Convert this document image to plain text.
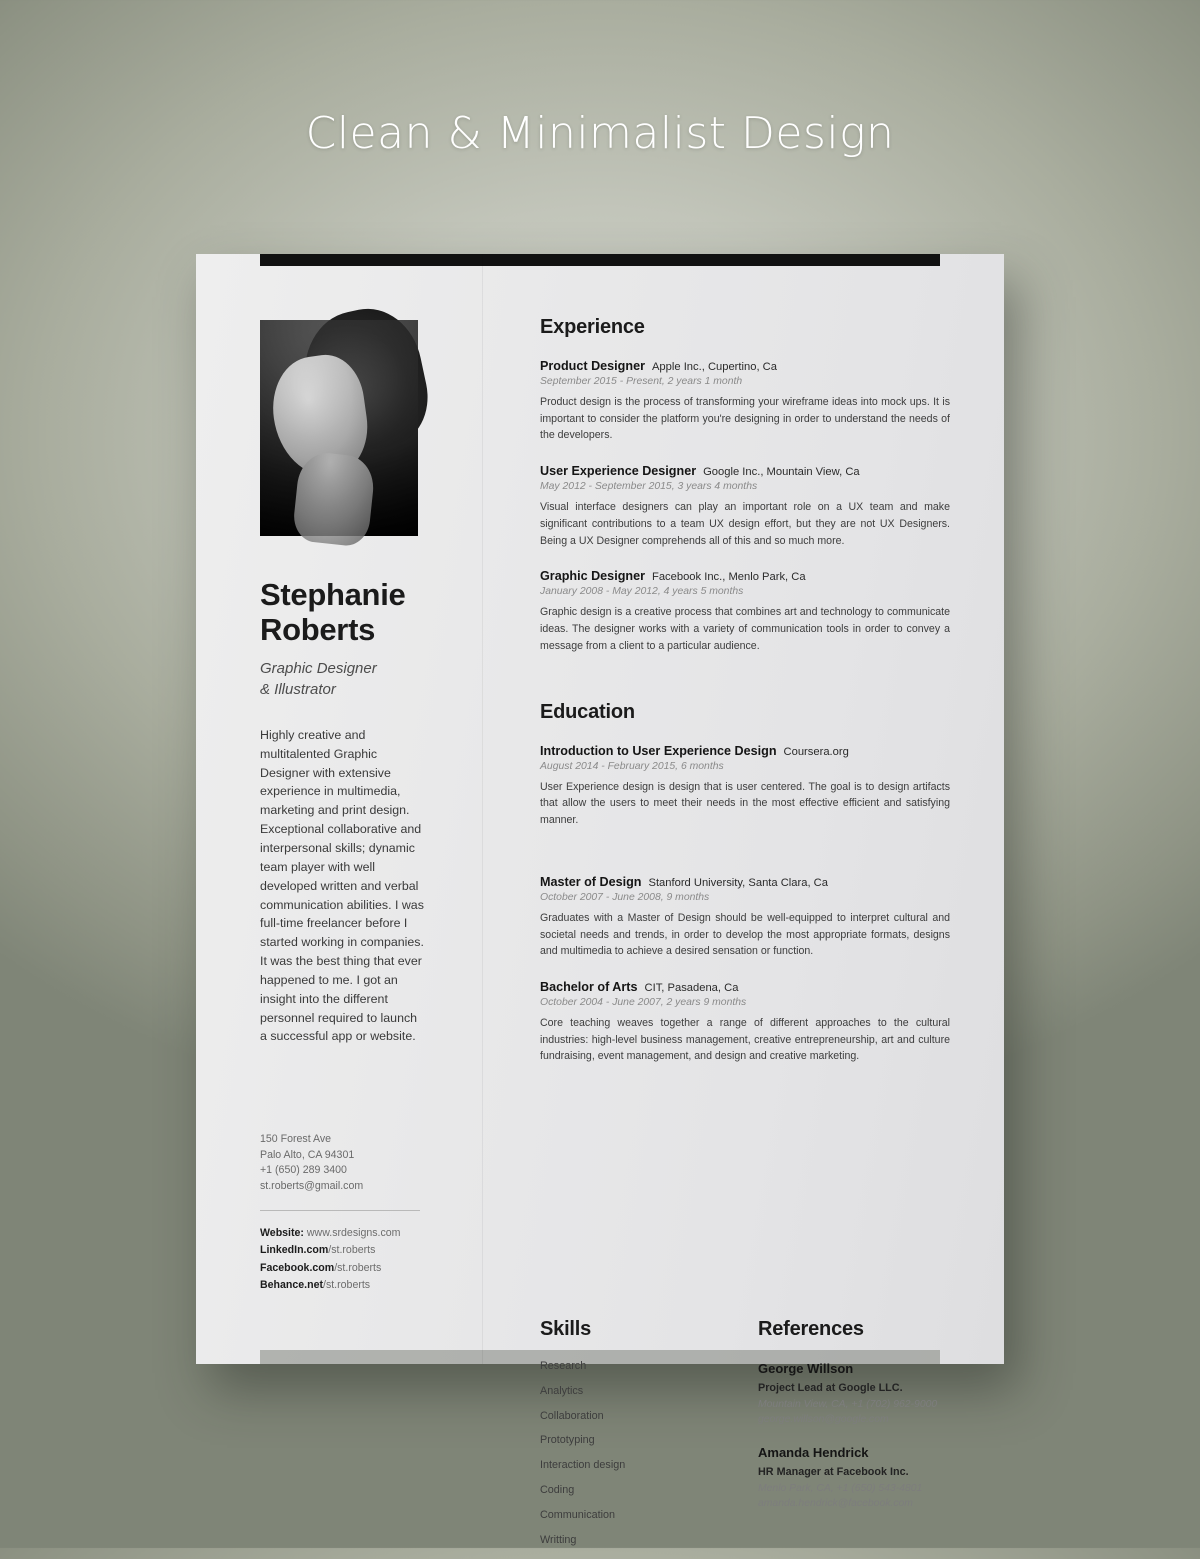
Clean & Minimalist Design
Stephanie
Roberts
Graphic Designer
& Illustrator
Highly creative and multitalented Graphic Designer with extensive experience in multimedia, marketing and print design. Exceptional collaborative and interpersonal skills; dynamic team player with well developed written and verbal communication abilities. I was full-time freelancer before I started working in companies. It was the best thing that ever happened to me. I got an insight into the different personnel required to launch a successful app or website.
150 Forest Ave
Palo Alto, CA 94301
+1 (650) 289 3400
st.roberts@gmail.com
Website: www.srdesigns.com
LinkedIn.com/st.roberts
Facebook.com/st.roberts
Behance.net/st.roberts
Experience
Product Designer Apple Inc., Cupertino, Ca
September 2015 - Present, 2 years 1 month
Product design is the process of transforming your wireframe ideas into mock ups. It is important to consider the platform you're designing in order to understand the needs of the developers.
User Experience Designer Google Inc., Mountain View, Ca
May 2012 - September 2015, 3 years 4 months
Visual interface designers can play an important role on a UX team and make significant contributions to a team UX design effort, but they are not UX Designers. Being a UX Designer comprehends all of this and so much more.
Graphic Designer Facebook Inc., Menlo Park, Ca
January 2008 - May 2012, 4 years 5 months
Graphic design is a creative process that combines art and technology to communicate ideas. The designer works with a variety of communication tools in order to convey a message from a client to a particular audience.
Education
Introduction to User Experience Design Coursera.org
August 2014 - February 2015, 6 months
User Experience design is design that is user centered. The goal is to design artifacts that allow the users to meet their needs in the most effective efficient and satisfying manner.
Master of Design Stanford University, Santa Clara, Ca
October 2007 - June 2008, 9 months
Graduates with a Master of Design should be well-equipped to interpret cultural and societal needs and trends, in order to develop the most appropriate formats, designs and multimedia to achieve a desired sensation or function.
Bachelor of Arts CIT, Pasadena, Ca
October 2004 - June 2007, 2 years 9 months
Core teaching weaves together a range of different approaches to the cultural industries: high-level business management, creative entrepreneurship, art and culture fundraising, event management, and design and creative marketing.
Skills
Research
Analytics
Collaboration
Prototyping
Interaction design
Coding
Communication
Writting
References
George Willson
Project Lead at Google LLC.
Mountain View, CA, +1 (702) 962-9000
george.willson@google.com
Amanda Hendrick
HR Manager at Facebook Inc.
Menlo Park, CA, +1 (650) 543-4801
amanda.hendrick@facebook.com
